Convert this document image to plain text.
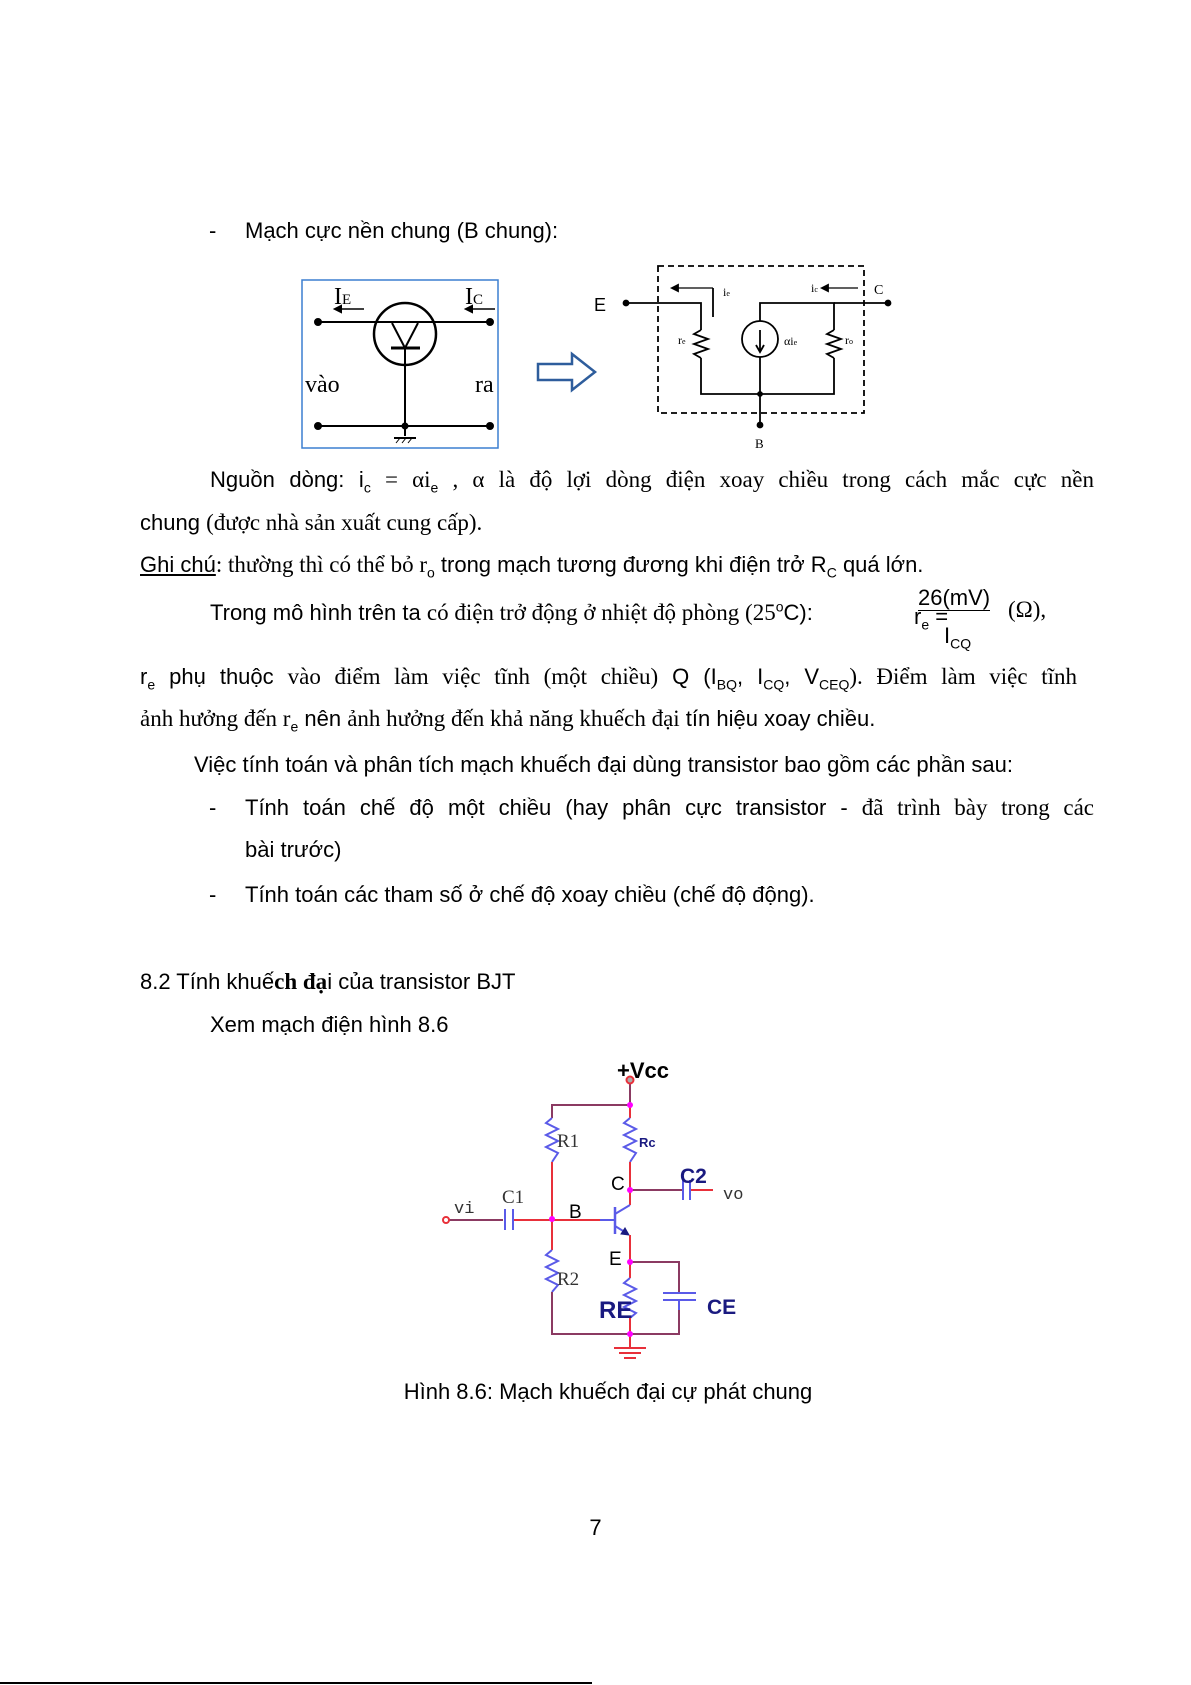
- Mạch cực nền chung (B chung):
IE	IC
vào	ra
E
C
B
re	ro
αie
ie	ic
+Vcc
R1
R2
Rc
C1
C2
CE
RE
vi
vo
B
C
E
Nguồn dòng: $i_c = \alpha i_e$ , α là độ lợi dòng điện xoay chiều trong cách mắc cực nền
chung (được nhà sản xuất cung cấp).
Ghi chú: thường thì có thể bỏ $r_o$ trong mạch tương đương khi điện trở $R_C$ quá lớn.
Trong mô hình trên ta có điện trở động ở nhiệt độ phòng (25$^o$C):	$r_e$ =
26(mV)
$I_{CQ}$
(Ω),
$r_e$ phụ thuộc vào điểm làm việc tĩnh (một chiều) Q ($I_{BQ}$, $I_{CQ}$, $V_{CEQ}$). Điểm làm việc tĩnh
ảnh hưởng đến $r_e$ nên ảnh hưởng đến khả năng khuếch đại tín hiệu xoay chiều.
Việc tính toán và phân tích mạch khuếch đại dùng transistor bao gồm các phần sau:
- Tính toán chế độ một chiều (hay phân cực transistor - đã trình bày trong các
bài trước)
- Tính toán các tham số ở chế độ xoay chiều (chế độ động).
8.2 Tính khuếch đại của transistor BJT
Xem mạch điện hình 8.6
Hình 8.6: Mạch khuếch đại cự phát chung
7
